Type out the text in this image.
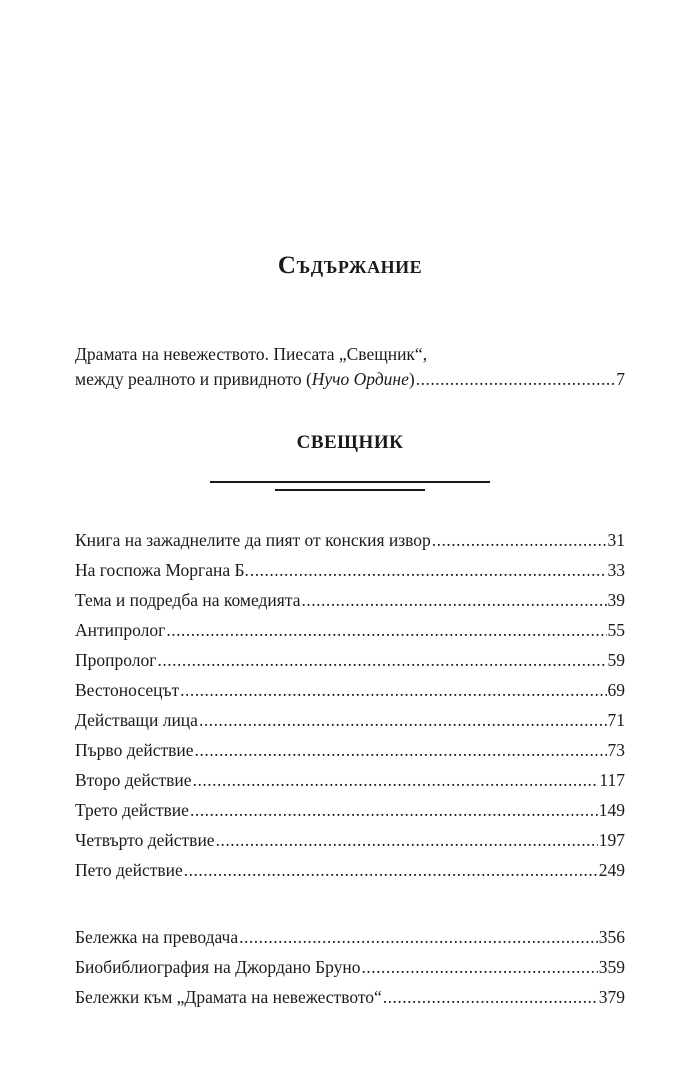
Съдържание
Драмата на невежеството. Пиесата „Свещник“,
между реалното и привидното (Нучо Ордине) .....	7
СВЕЩНИК
Книга на зажаднелите да пият от конския извор .....	31
На госпожа Моргана Б. .....	33
Тема и подредба на комедията .....	39
Антипролог .....	55
Пропролог .....	59
Вестоносецът .....	69
Действащи лица .....	71
Първо действие .....	73
Второ действие .....	117
Трето действие .....	149
Четвърто действие .....	197
Пето действие .....	249
Бележка на преводача .....	356
Биобиблиография на Джордано Бруно .....	359
Бележки към „Драмата на невежеството“ .....	379
